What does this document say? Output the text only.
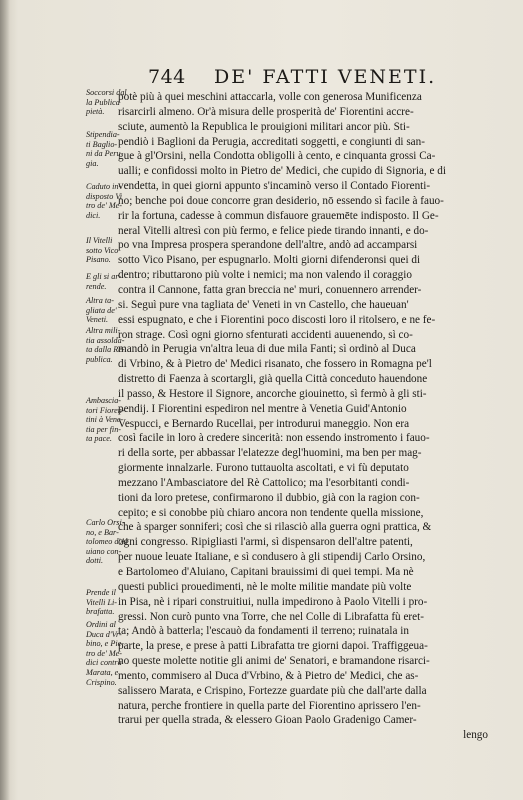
744 DE' FATTI VENETI.
Soccorsi dal
la Publica
pietà.
Stipendia-
ti Baglio-
ni da Peru
gia.
Caduto in-
disposto Vi
tro de' Me-
dici.
Il Vitelli
sotto Vico
Pisano.
E gli si ar-
rende.
Altra ta-
gliata de'
Veneti.
Altra mili-
tia assolda-
ta dalla Re-
publica.
Ambascia-
tori Fioren-
tini à Vene-
tia per fin-
ta pace.
Carlo Orsi-
no, e Bar-
tolomeo d'Al
uiano con-
dotti.
Prende il
Vitelli Li-
brafatta.
Ordini al
Duca d'Vr-
bino, e Pie-
tro de' Me-
dici contra
Marata, e
Crispino.
potè più à quei meschini attaccarla, volle con generosa Munificenza
risarcirli almeno. Or'à misura delle prosperità de' Fiorentini accre-
sciute, aumentò la Republica le prouigioni militari ancor più. Sti-
pendiò i Baglioni da Perugia, accreditati soggetti, e congiunti di san-
gue à gl'Orsini, nella Condotta obligolli à cento, e cinquanta grossi Ca-
ualli; e confidossi molto in Pietro de' Medici, che cupido di Signoria, e di
vendetta, in quei giorni appunto s'incaminò verso il Contado Fiorenti-
no; benche poi doue concorre gran desiderio, nō essendo sì facile à fauo-
rir la fortuna, cadesse à commun disfauore grauemēte indisposto. Il Ge-
neral Vitelli altresì con più fermo, e felice piede tirando innanti, e do-
po vna Impresa prospera sperandone dell'altre, andò ad accamparsi
sotto Vico Pisano, per espugnarlo. Molti giorni difenderonsi quei di
dentro; ributtarono più volte i nemici; ma non valendo il coraggio
contra il Cannone, fatta gran breccia ne' muri, conuennero arrender-
si. Seguì pure vna tagliata de' Veneti in vn Castello, che haueuan'
essi espugnato, e che i Fiorentini poco discosti loro il ritolsero, e ne fe-
ron strage. Così ogni giorno sfenturati accidenti auuenendo, sì co-
mandò in Perugia vn'altra leua di due mila Fanti; sì ordinò al Duca
di Vrbino, & à Pietro de' Medici risanato, che fossero in Romagna pe'l
distretto di Faenza à scortargli, già quella Città conceduto hauendone
il passo, & Hestore il Signore, ancorche giouinetto, sì fermò à gli sti-
pendij. I Fiorentini espediron nel mentre à Venetia Guid'Antonio
Vespucci, e Bernardo Rucellai, per introdurui maneggio. Non era
così facile in loro à credere sincerità: non essendo instromento i fauo-
ri della sorte, per abbassar l'elatezze degl'huomini, ma ben per mag-
giormente innalzarle. Furono tuttauolta ascoltati, e vi fù deputato
mezzano l'Ambasciatore del Rè Cattolico; ma l'esorbitanti condi-
tioni da loro pretese, confirmarono il dubbio, già con la ragion con-
cepito; e si conobbe più chiaro ancora non tendente quella missione,
che à sparger sonniferi; così che si rilasciò alla guerra ogni prattica, &
ogni congresso. Ripigliasti l'armi, sì dispensaron dell'altre patenti,
per nuoue leuate Italiane, e sì condusero à gli stipendij Carlo Orsino,
e Bartolomeo d'Aluiano, Capitani brauissimi di quei tempi. Ma nè
questi publici prouedimenti, nè le molte militie mandate più volte
in Pisa, nè i ripari construitiui, nulla impedirono à Paolo Vitelli i pro-
gressi. Non curò punto vna Torre, che nel Colle di Librafatta fù eret-
ta; Andò à batterla; l'escauò da fondamenti il terreno; ruinatala in
parte, la prese, e prese à patti Librafatta tre giorni dapoi. Traffiggeua-
no queste molette notitie gli animi de' Senatori, e bramandone risarci-
mento, commisero al Duca d'Vrbino, & à Pietro de' Medici, che as-
salissero Marata, e Crispino, Fortezze guardate più che dall'arte dalla
natura, perche frontiere in quella parte del Fiorentino aprissero l'en-
trarui per quella strada, & elessero Gioan Paolo Gradenigo Camer-
lengo
